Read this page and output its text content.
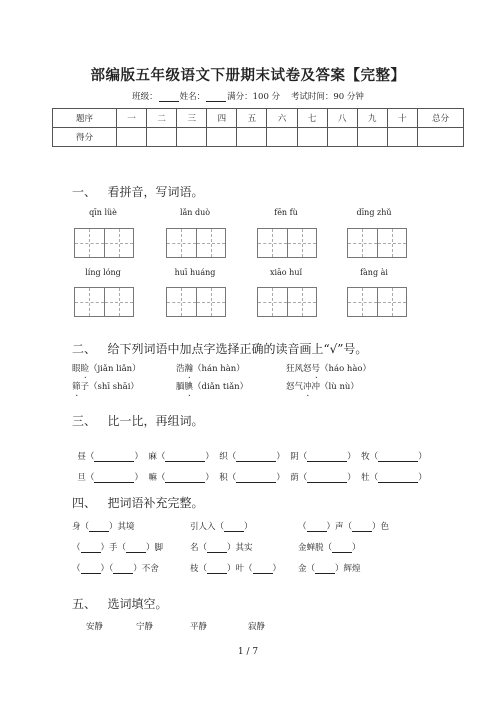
部编版五年级语文下册期末试卷及答案【完整】
班级：	姓名：	满分：100 分 考试时间：90 分钟
题序	一	二	三	四	五	六	七	八	九	十	总分
得分											
一、 看拼音，写词语。
qīn lüè	lǎn duò	fēn fù	dīng zhǔ
líng lóng	huī huáng	xiāo huǐ	fàng ài
二、 给下列词语中加点字选择正确的读音画上“√”号。
眼睑（jiǎn liǎn）	浩瀚（hán hàn）	狂风怒号（háo hào）
筛子（shī shāi）	腼腆（diǎn tiǎn）	怒气冲冲（lù nù）
三、 比一比，再组词。

昼（	）  麻（	）  织（	）  阴（	）  牧（	）

旦（	）  嘛（	）  积（	）  荫（	）  牡（	）

四、 把词语补充完整。
身（ ）其境	引人入（ ）	（ ）声（ ）色
（ ）手（ ）脚	名（ ）其实	金蝉脱（ ）
（ ）（ ）不舍	枝（ ）叶（ ） 金（ ）辉煌
五、 选词填空。
安静	宁静	平静	寂静
1 / 7
